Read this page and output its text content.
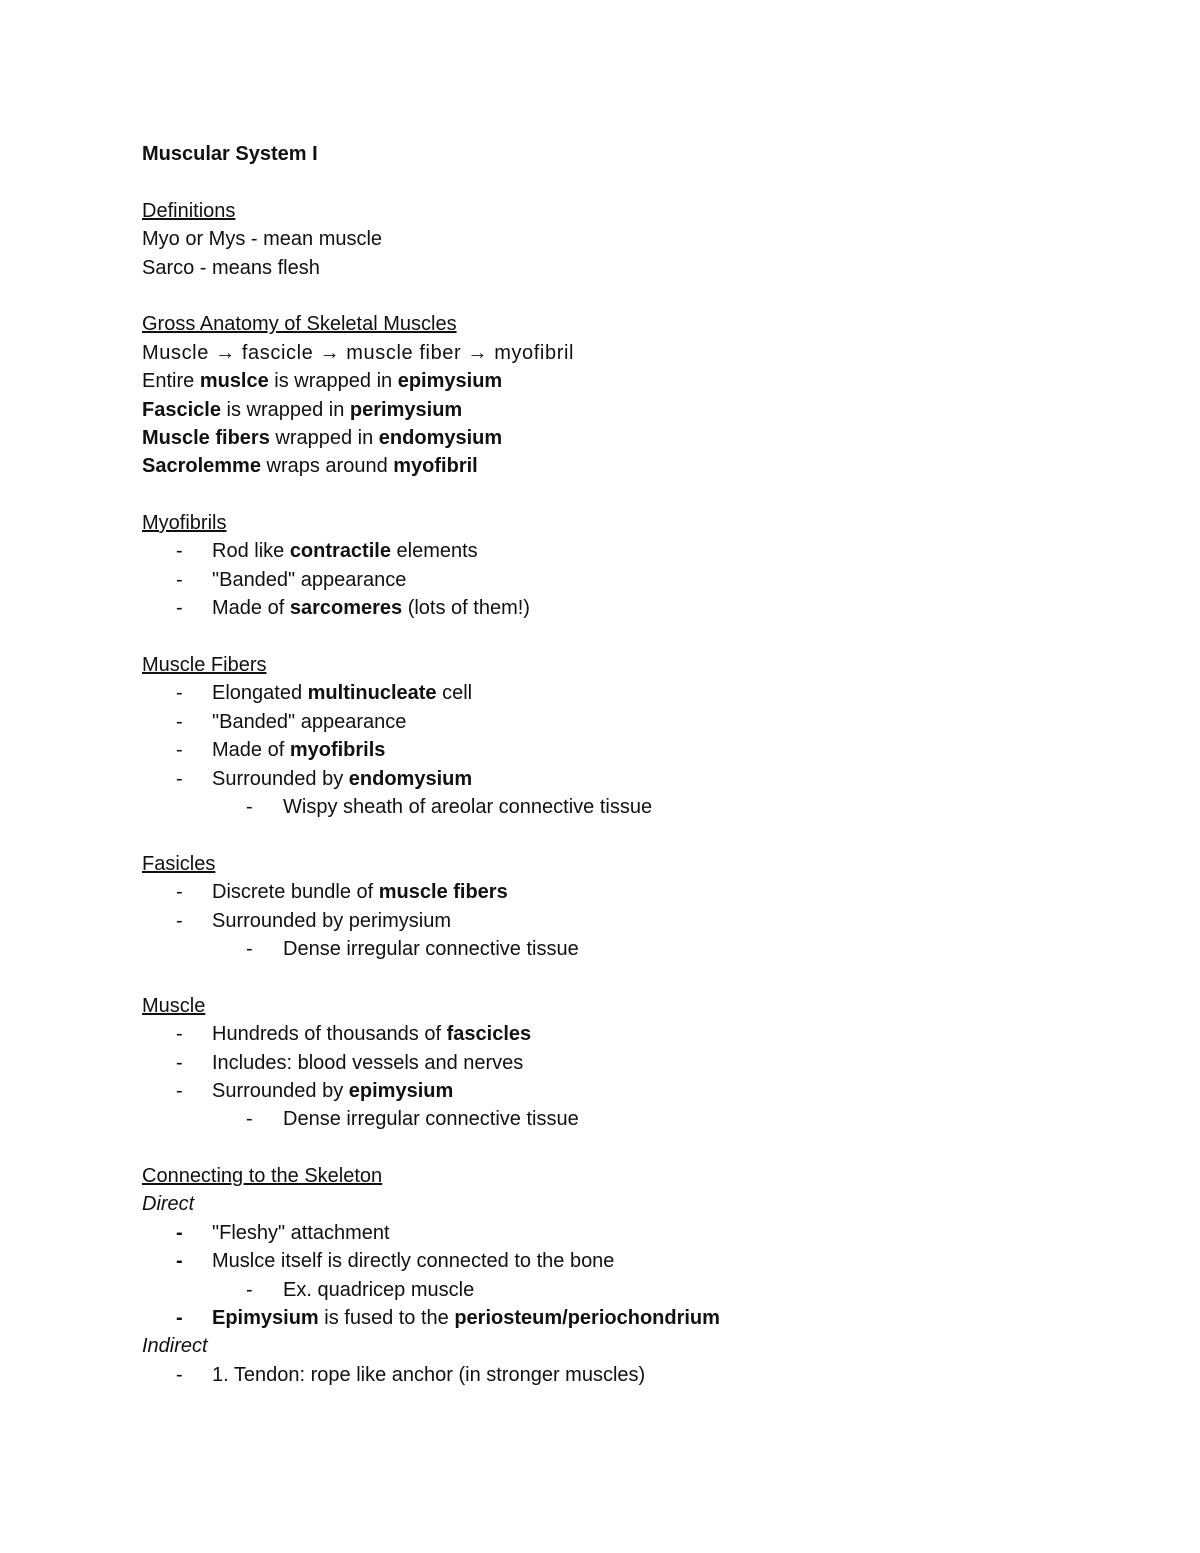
Muscular System I
Definitions
Myo or Mys - mean muscle
Sarco - means flesh
Gross Anatomy of Skeletal Muscles
Muscle → fascicle → muscle fiber → myofibril
Entire muslce is wrapped in epimysium
Fascicle is wrapped in perimysium
Muscle fibers wrapped in endomysium
Sacrolemme wraps around myofibril
Myofibrils
- Rod like contractile elements
- "Banded" appearance
- Made of sarcomeres (lots of them!)
Muscle Fibers
- Elongated multinucleate cell
- "Banded" appearance
- Made of myofibrils
- Surrounded by endomysium
- Wispy sheath of areolar connective tissue
Fasicles
- Discrete bundle of muscle fibers
- Surrounded by perimysium
- Dense irregular connective tissue
Muscle
- Hundreds of thousands of fascicles
- Includes: blood vessels and nerves
- Surrounded by epimysium
- Dense irregular connective tissue
Connecting to the Skeleton
Direct
- "Fleshy" attachment
- Muslce itself is directly connected to the bone
- Ex. quadricep muscle
- Epimysium is fused to the periosteum/periochondrium
Indirect
- 1. Tendon: rope like anchor (in stronger muscles)
